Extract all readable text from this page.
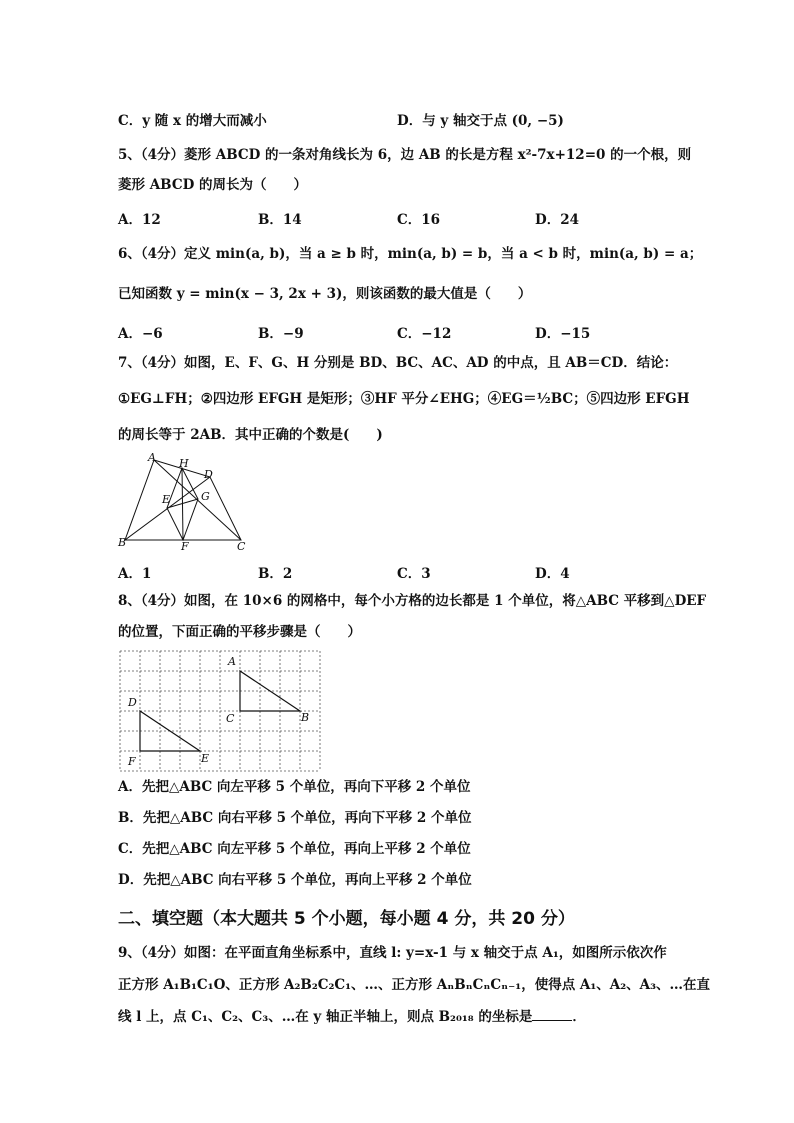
C．y 随 x 的增大而减小	D．与 y 轴交于点 (0, −5)
5、（4分）菱形 ABCD 的一条对角线长为 6，边 AB 的长是方程 x²-7x+12=0 的一个根，则
菱形 ABCD 的周长为（　　）
A．12	B．14	C．16	D．24
6、（4分）定义 min(a, b)，当 a ≥ b 时，min(a, b) = b，当 a < b 时，min(a, b) = a；
已知函数 y = min(x − 3, 2x + 3)，则该函数的最大值是（　　）
A．−6	B．−9	C．−12	D．−15
7、（4分）如图，E、F、G、H 分别是 BD、BC、AC、AD 的中点，且 AB＝CD．结论：
①EG⊥FH；②四边形 EFGH 是矩形；③HF 平分∠EHG；④EG＝½BC；⑤四边形 EFGH
的周长等于 2AB．其中正确的个数是(　　)
A H
D
E	G
B	F	C
A．1	B．2	C．3	D．4
8、（4分）如图，在 10×6 的网格中，每个小方格的边长都是 1 个单位，将△ABC 平移到△DEF
的位置，下面正确的平移步骤是（　　）
A
C	B
D
F	E
A．先把△ABC 向左平移 5 个单位，再向下平移 2 个单位
B．先把△ABC 向右平移 5 个单位，再向下平移 2 个单位
C．先把△ABC 向左平移 5 个单位，再向上平移 2 个单位
D．先把△ABC 向右平移 5 个单位，再向上平移 2 个单位
二、填空题（本大题共 5 个小题，每小题 4 分，共 20 分）
9、（4分）如图：在平面直角坐标系中，直线 l: y=x-1 与 x 轴交于点 A₁，如图所示依次作
正方形 A₁B₁C₁O、正方形 A₂B₂C₂C₁、…、正方形 AₙBₙCₙCₙ₋₁，使得点 A₁、A₂、A₃、…在直
线 l 上，点 C₁、C₂、C₃、…在 y 轴正半轴上，则点 B₂₀₁₈ 的坐标是	．
